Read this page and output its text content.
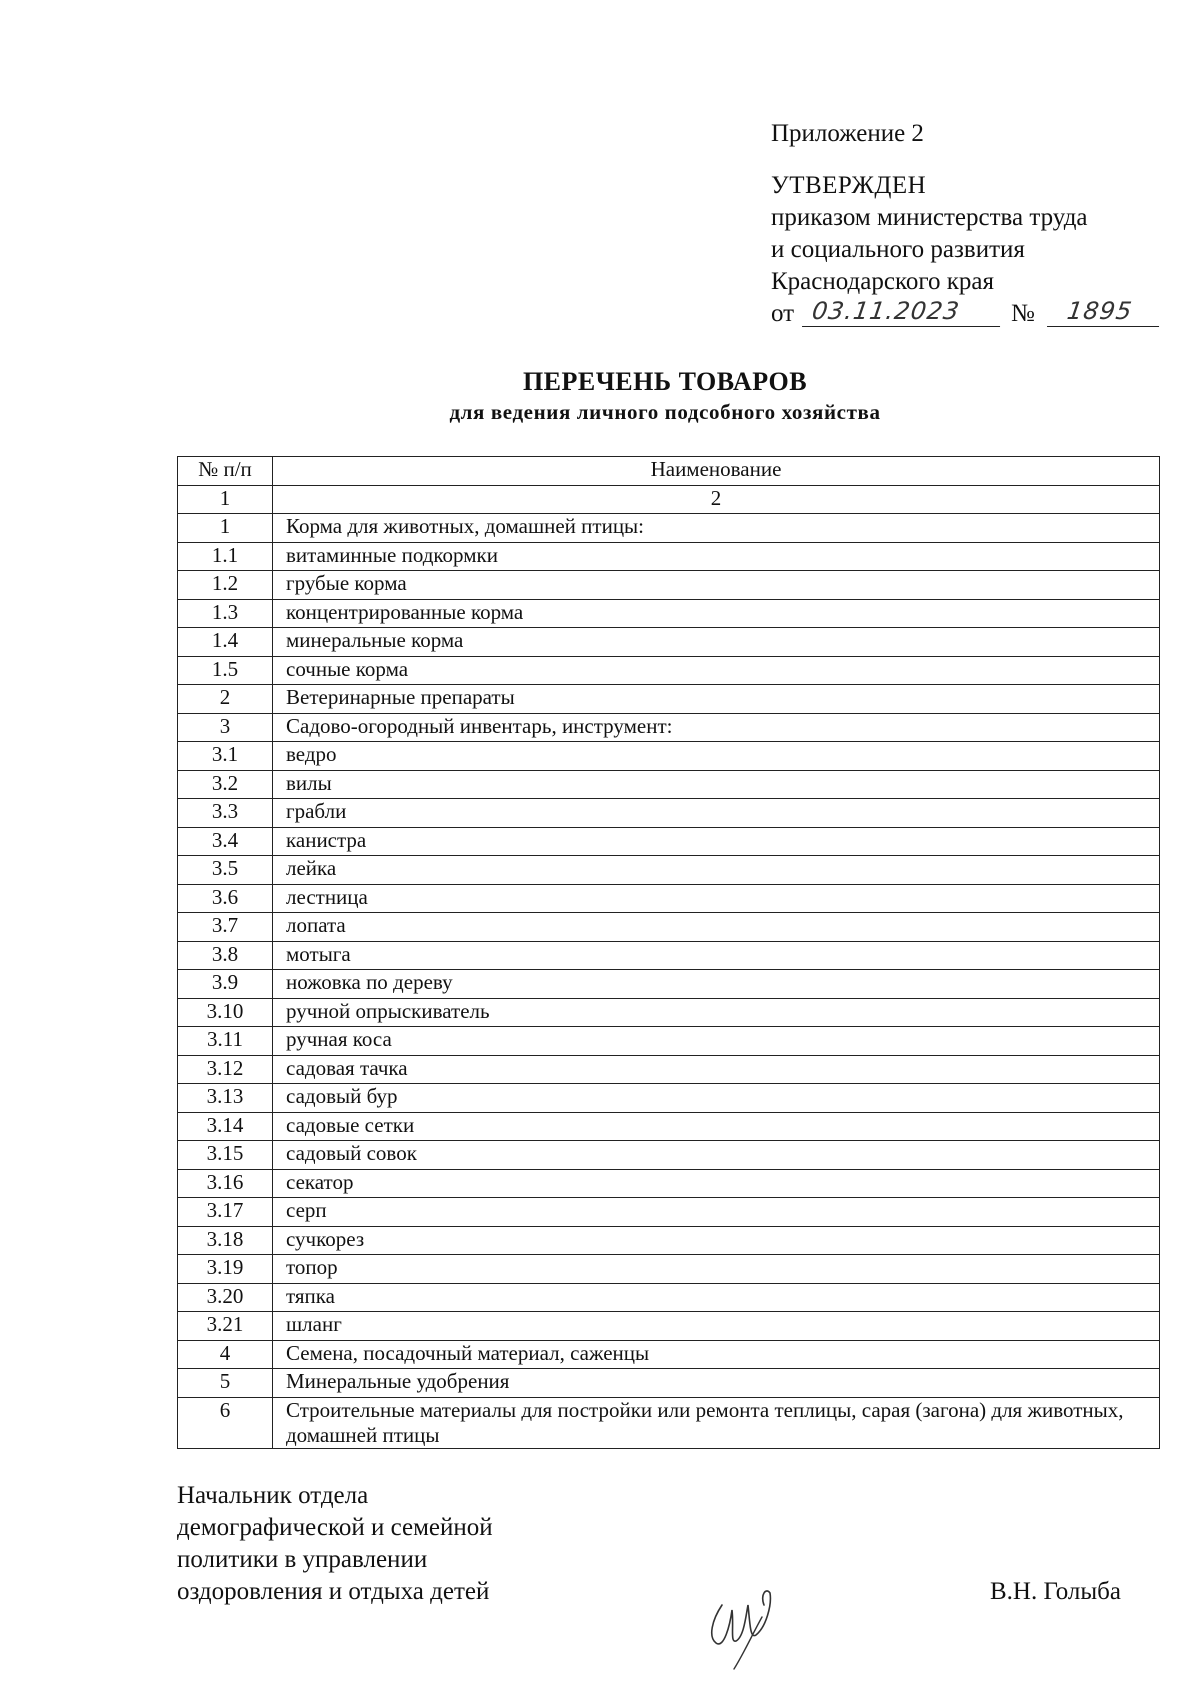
Приложение 2
УТВЕРЖДЕН
приказом министерства труда
и социального развития
Краснодарского края
от 03.11.2023	№	1895
ПЕРЕЧЕНЬ ТОВАРОВ
для ведения личного подсобного хозяйства
№ п/п	Наименование
1	2
1	Корма для животных, домашней птицы:
1.1	витаминные подкормки
1.2	грубые корма
1.3	концентрированные корма
1.4	минеральные корма
1.5	сочные корма
2	Ветеринарные препараты
3	Садово-огородный инвентарь, инструмент:
3.1	ведро
3.2	вилы
3.3	грабли
3.4	канистра
3.5	лейка
3.6	лестница
3.7	лопата
3.8	мотыга
3.9	ножовка по дереву
3.10	ручной опрыскиватель
3.11	ручная коса
3.12	садовая тачка
3.13	садовый бур
3.14	садовые сетки
3.15	садовый совок
3.16	секатор
3.17	серп
3.18	сучкорез
3.19	топор
3.20	тяпка
3.21	шланг
4	Семена, посадочный материал, саженцы
5	Минеральные удобрения
6	Строительные материалы для постройки или ремонта теплицы, сарая (загона) для животных, домашней птицы
Начальник отдела
демографической и семейной
политики в управлении
оздоровления и отдыха детей	В.Н. Голыба
